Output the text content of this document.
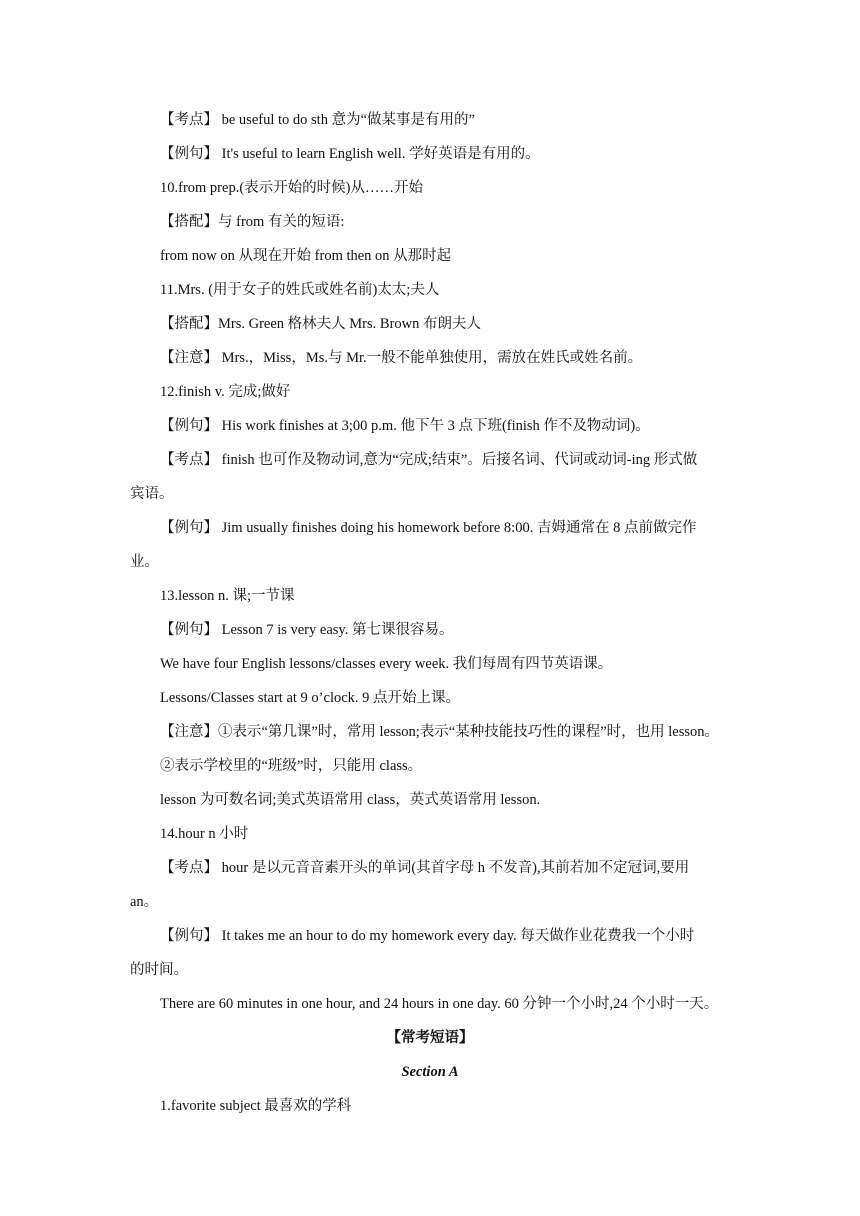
【考点】 be useful to do sth 意为“做某事是有用的”
【例句】 It's useful to learn English well. 学好英语是有用的。
10.from prep.(表示开始的时候)从……开始
【搭配】与 from 有关的短语:
from now on 从现在开始 from then on 从那时起
11.Mrs. (用于女子的姓氏或姓名前)太太;夫人
【搭配】Mrs. Green 格林夫人 Mrs. Brown 布朗夫人
【注意】 Mrs.，Miss，Ms.与 Mr.一般不能单独使用，需放在姓氏或姓名前。
12.finish v. 完成;做好
【例句】 His work finishes at 3;00 p.m. 他下午 3 点下班(finish 作不及物动词)。
【考点】 finish 也可作及物动词,意为“完成;结束”。后接名词、代词或动词-ing 形式做
宾语。
【例句】 Jim usually finishes doing his homework before 8:00. 吉姆通常在 8 点前做完作
业。
13.lesson n. 课;一节课
【例句】 Lesson 7 is very easy. 第七课很容易。
We have four English lessons/classes every week. 我们每周有四节英语课。
Lessons/Classes start at 9 o’clock. 9 点开始上课。
【注意】①表示“第几课”时，常用 lesson;表示“某种技能技巧性的课程”时，也用 lesson。
②表示学校里的“班级”时，只能用 class。
lesson 为可数名词;美式英语常用 class，英式英语常用 lesson.
14.hour n 小时
【考点】 hour 是以元音音素开头的单词(其首字母 h 不发音),其前若加不定冠词,要用
an。
【例句】 It takes me an hour to do my homework every day. 每天做作业花费我一个小时
的时间。
There are 60 minutes in one hour, and 24 hours in one day. 60 分钟一个小时,24 个小时一天。
【常考短语】
Section A
1.favorite subject 最喜欢的学科
